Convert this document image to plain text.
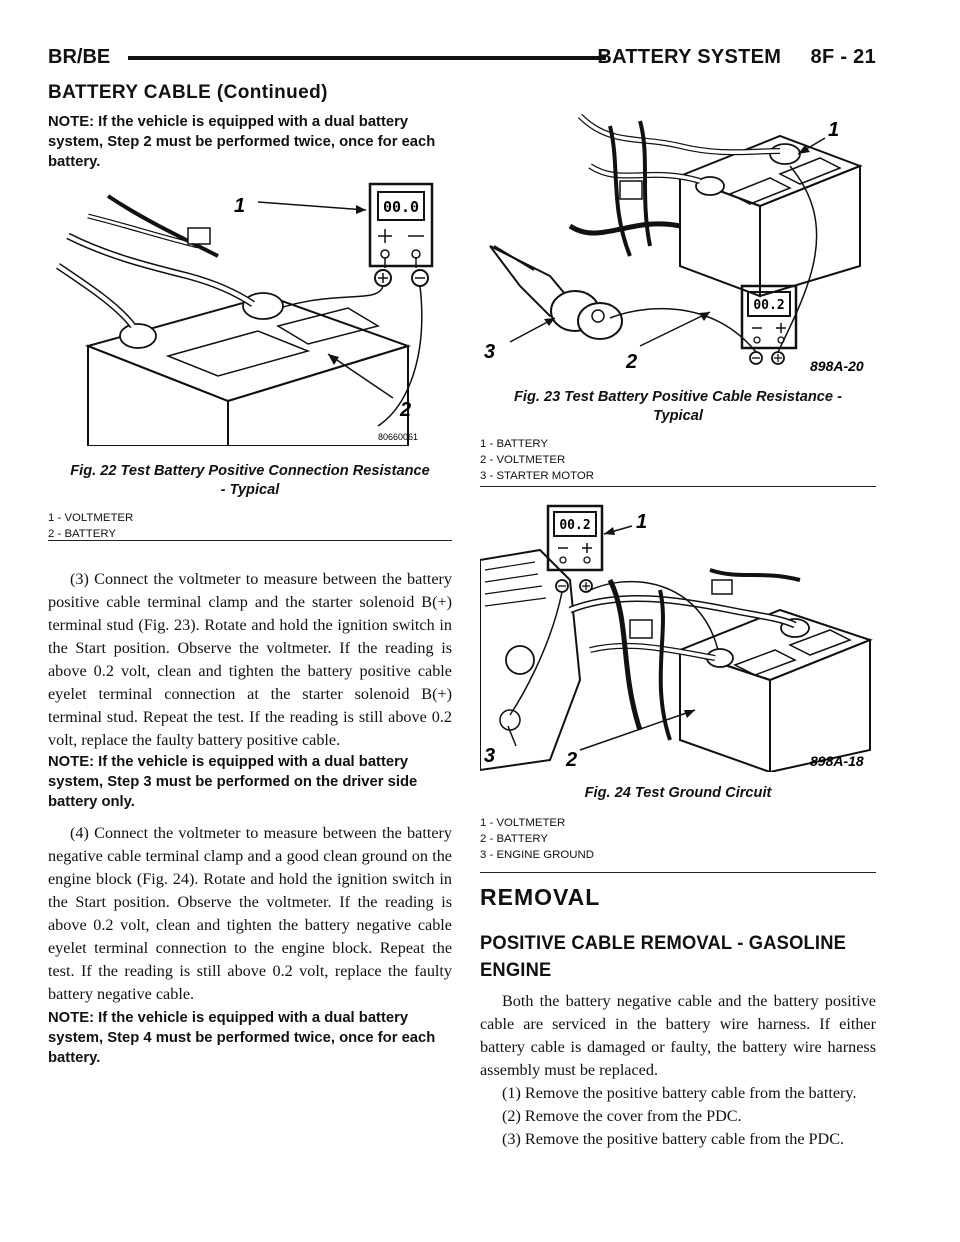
BR/BE	BATTERY SYSTEM     8F - 21
BATTERY CABLE (Continued)
NOTE: If the vehicle is equipped with a dual battery system, Step 2 must be performed twice, once for each battery.
00.0
1
2
80660061
Fig. 22 Test Battery Positive Connection Resistance
- Typical
1 - VOLTMETER
2 - BATTERY
(3) Connect the voltmeter to measure between the battery positive cable terminal clamp and the starter solenoid B(+) terminal stud (Fig. 23). Rotate and hold the ignition switch in the Start position. Observe the voltmeter. If the reading is above 0.2 volt, clean and tighten the battery positive cable eyelet terminal connection at the starter solenoid B(+) terminal stud. Repeat the test. If the reading is still above 0.2 volt, replace the faulty battery positive cable.
NOTE: If the vehicle is equipped with a dual battery system, Step 3 must be performed on the driver side battery only.
(4) Connect the voltmeter to measure between the battery negative cable terminal clamp and a good clean ground on the engine block (Fig. 24). Rotate and hold the ignition switch in the Start position. Observe the voltmeter. If the reading is above 0.2 volt, clean and tighten the battery negative cable eyelet terminal connection to the engine block. Repeat the test. If the reading is still above 0.2 volt, replace the faulty battery negative cable.
NOTE: If the vehicle is equipped with a dual battery system, Step 4 must be performed twice, once for each battery.
00.2
1
2
3
898A-20
Fig. 23 Test Battery Positive Cable Resistance -
Typical
1 - BATTERY
2 - VOLTMETER
3 - STARTER MOTOR
00.2 1
2
3	898A-18
Fig. 24 Test Ground Circuit
1 - VOLTMETER
2 - BATTERY
3 - ENGINE GROUND
REMOVAL
POSITIVE CABLE REMOVAL - GASOLINE ENGINE

Both the battery negative cable and the battery positive cable are serviced in the battery wire harness. If either battery cable is damaged or faulty, the battery wire harness assembly must be replaced.

(1) Remove the positive battery cable from the battery.

(2) Remove the cover from the PDC.

(3) Remove the positive battery cable from the PDC.
